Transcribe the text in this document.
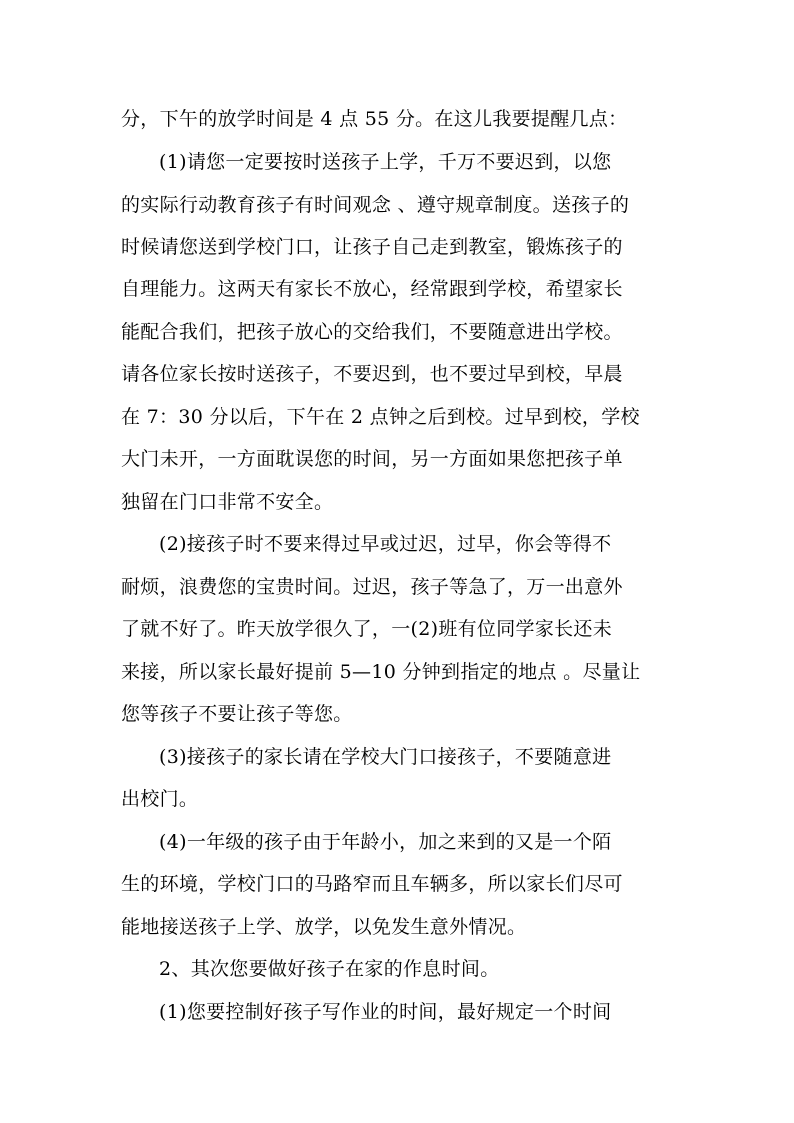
分，下午的放学时间是 4 点 55 分。在这儿我要提醒几点：
(1)请您一定要按时送孩子上学，千万不要迟到，以您
的实际行动教育孩子有时间观念 、遵守规章制度。送孩子的
时候请您送到学校门口，让孩子自己走到教室，锻炼孩子的
自理能力。这两天有家长不放心，经常跟到学校，希望家长
能配合我们，把孩子放心的交给我们，不要随意进出学校。
请各位家长按时送孩子，不要迟到，也不要过早到校，早晨
在 7：30 分以后，下午在 2 点钟之后到校。过早到校，学校
大门未开，一方面耽误您的时间，另一方面如果您把孩子单
独留在门口非常不安全。
(2)接孩子时不要来得过早或过迟，过早，你会等得不
耐烦，浪费您的宝贵时间。过迟，孩子等急了，万一出意外
了就不好了。昨天放学很久了，一(2)班有位同学家长还未
来接，所以家长最好提前 5—10 分钟到指定的地点 。尽量让
您等孩子不要让孩子等您。
(3)接孩子的家长请在学校大门口接孩子，不要随意进
出校门。
(4)一年级的孩子由于年龄小，加之来到的又是一个陌
生的环境，学校门口的马路窄而且车辆多，所以家长们尽可
能地接送孩子上学、放学，以免发生意外情况。
2、其次您要做好孩子在家的作息时间。
(1)您要控制好孩子写作业的时间，最好规定一个时间
